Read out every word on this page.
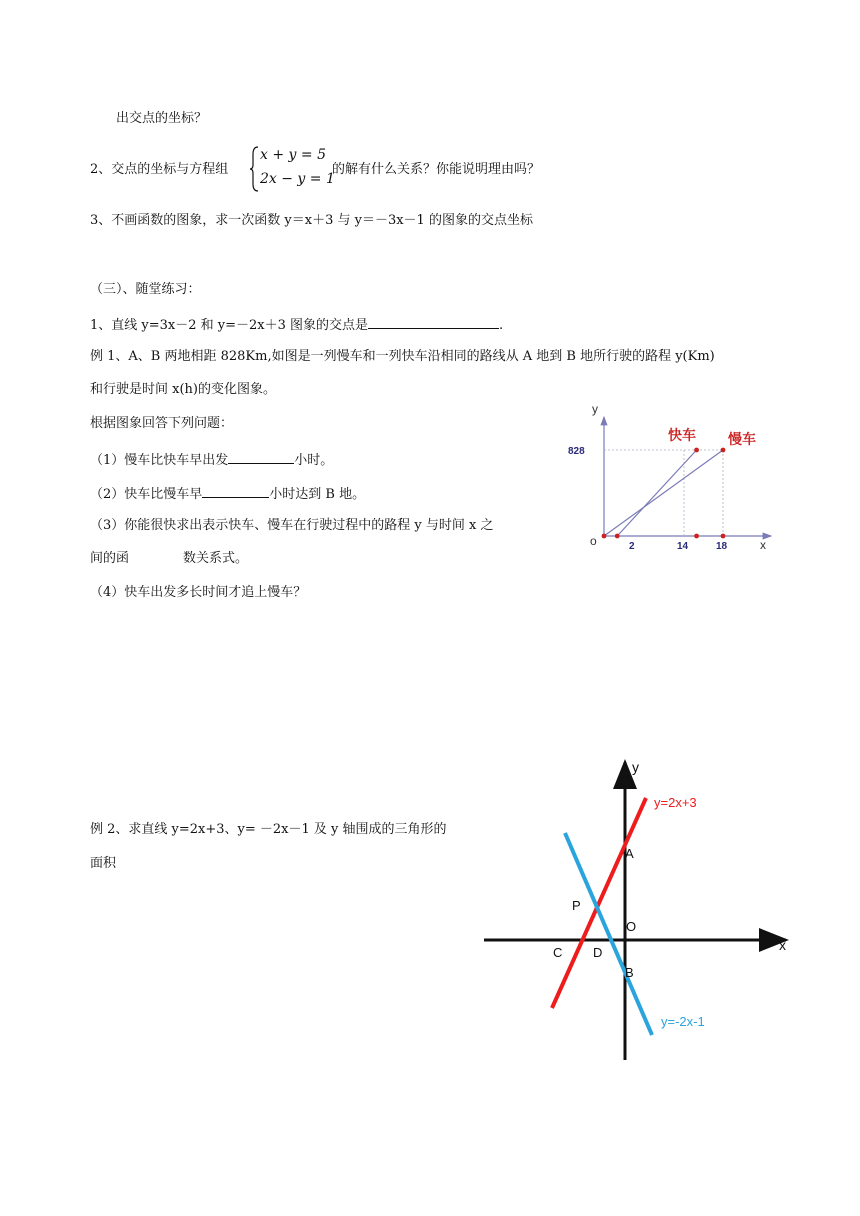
出交点的坐标？
2、交点的坐标与方程组
x + y = 5
2x − y = 1
的解有什么关系？你能说明理由吗？
3、不画函数的图象，求一次函数 y＝x＋3 与 y＝－3x－1 的图象的交点坐标
（三）、随堂练习：
1、直线 y=3x－2 和 y=－2x＋3 图象的交点是	.
例 1、A、B 两地相距 828Km,如图是一列慢车和一列快车沿相同的路线从 A 地到 B 地所行驶的路程 y(Km)
和行驶是时间 x(h)的变化图象。
根据图象回答下列问题：
（1）慢车比快车早出发	小时。
（2）快车比慢车早	小时达到 B 地。
（3）你能很快求出表示快车、慢车在行驶过程中的路程 y 与时间 x 之
间的函	数关系式。
（4）快车出发多长时间才追上慢车？
例 2、求直线 y=2x+3、y= －2x－1 及 y 轴围成的三角形的
面积
y
x
o
828
2	14	18
快车 慢车
y
x
y=2x+3
y=-2x-1
A
B
C D
P
O
